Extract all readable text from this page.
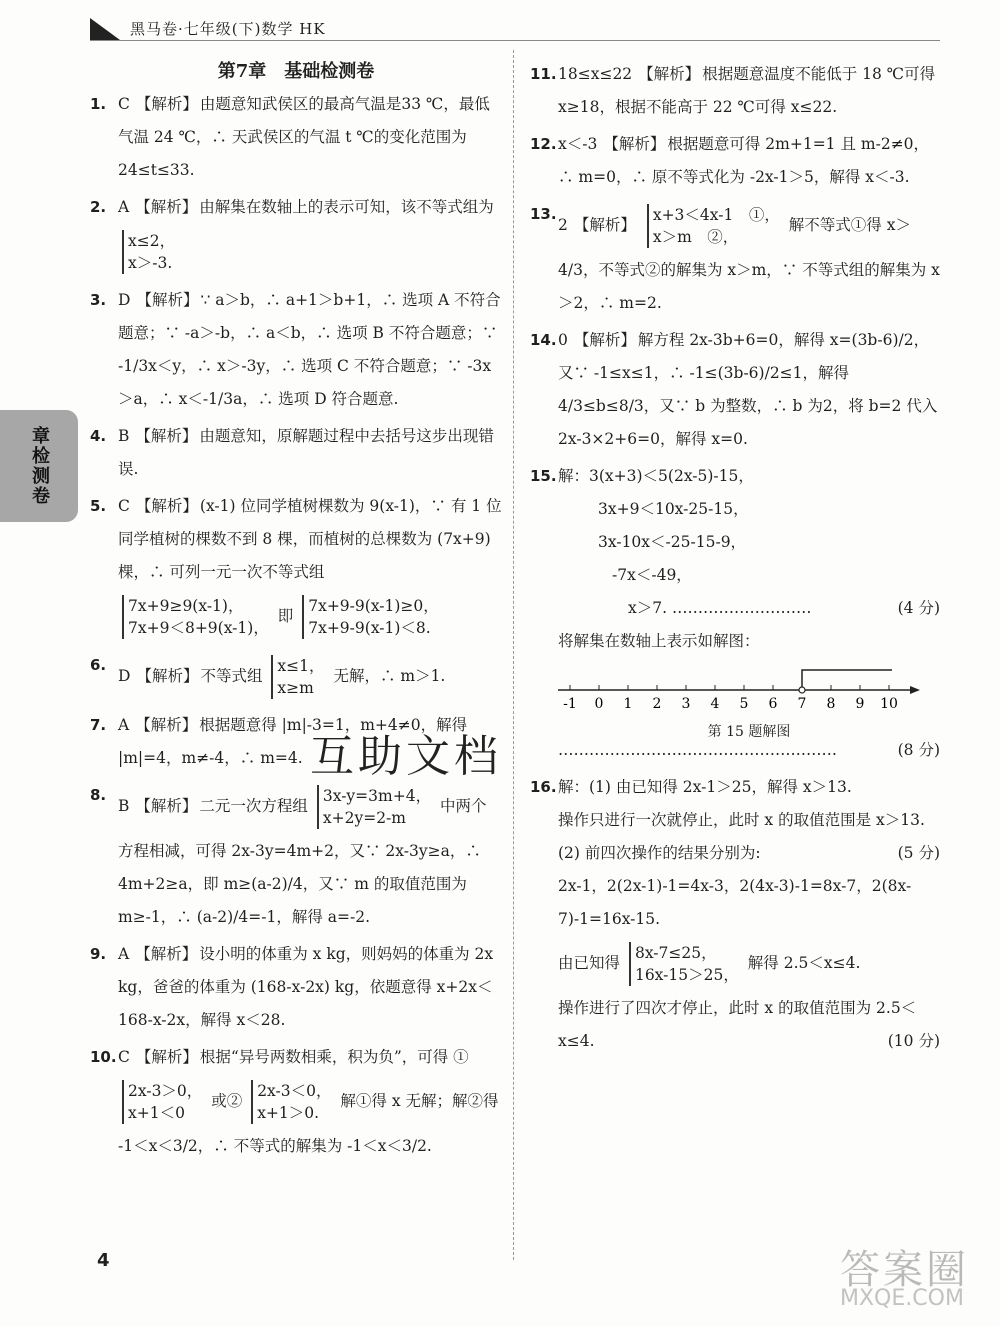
黑马卷·七年级(下)数学 HK
章检测卷
第7章　基础检测卷
1. C 【解析】 由题意知武侯区的最高气温是33 ℃，最低气温 24 ℃，∴ 天武侯区的气温 t ℃的变化范围为 24≤t≤33.
2. A 【解析】 由解集在数轴上的表示可知，该不等式组为
x≤2，
x＞-3.
3. D 【解析】 ∵ a＞b，∴ a+1＞b+1，∴ 选项 A 不符合题意；∵ -a＞-b，∴ a＜b，∴ 选项 B 不符合题意；∵ -1/3x＜y，∴ x＞-3y，∴ 选项 C 不符合题意；∵ -3x＞a，∴ x＜-1/3a，∴ 选项 D 符合题意.
4. B 【解析】 由题意知，原解题过程中去括号这步出现错误.
5. C 【解析】 (x-1) 位同学植树棵数为 9(x-1)，∵ 有 1 位同学植树的棵数不到 8 棵，而植树的总棵数为 (7x+9) 棵，∴ 可列一元一次不等式组
7x+9≥9(x-1)，
7x+9＜8+9(x-1)，
即
7x+9-9(x-1)≥0，
7x+9-9(x-1)＜8.
6.
D 【解析】 不等式组
x≤1，
x≥m
无解，∴ m＞1.
7. A 【解析】 根据题意得 |m|-3=1，m+4≠0，解得 |m|=4，m≠-4，∴ m=4.
8.
B 【解析】 二元一次方程组
3x-y=3m+4，
x+2y=2-m
中两个方程相减，可得 2x-3y=4m+2，又∵ 2x-3y≥a，∴ 4m+2≥a，即 m≥(a-2)/4，又∵ m 的取值范围为 m≥-1，∴ (a-2)/4=-1，解得 a=-2.
9. A 【解析】 设小明的体重为 x kg，则妈妈的体重为 2x kg，爸爸的体重为 (168-x-2x) kg，依题意得 x+2x＜168-x-2x，解得 x＜28.
10. C 【解析】 根据“异号两数相乘，积为负”，可得 ①
2x-3＞0，
x+1＜0
或②
2x-3＜0，
x+1＞0.
解①得 x 无解；解②得 -1＜x＜3/2，∴ 不等式的解集为 -1＜x＜3/2.
11. 18≤x≤22 【解析】 根据题意温度不能低于 18 ℃可得 x≥18，根据不能高于 22 ℃可得 x≤22.
12. x＜-3 【解析】 根据题意可得 2m+1=1 且 m-2≠0，∴ m=0，∴ 原不等式化为 -2x-1＞5，解得 x＜-3.
13.
2 【解析】
x+3＜4x-1　①，
x＞m　②，
解不等式①得 x＞4/3，不等式②的解集为 x＞m，∵ 不等式组的解集为 x＞2，∴ m=2.
14. 0 【解析】 解方程 2x-3b+6=0，解得 x=(3b-6)/2，又∵ -1≤x≤1，∴ -1≤(3b-6)/2≤1，解得 4/3≤b≤8/3，又∵ b 为整数，∴ b 为2，将 b=2 代入 2x-3×2+6=0，解得 x=0.
15. 解：3(x+3)＜5(2x-5)-15，
3x+9＜10x-25-15，
3x-10x＜-25-15-9，
-7x＜-49，
x＞7. ………………………	(4 分)
将解集在数轴上表示如解图：
-1 0 1 2 3 4 5 6 7 8 9 10
第 15 题解图
………………………………………………	(8 分)
16. 解：(1) 由已知得 2x-1＞25，解得 x＞13.
操作只进行一次就停止，此时 x 的取值范围是 x＞13.
(5 分)
(2) 前四次操作的结果分别为:
2x-1，2(2x-1)-1=4x-3，2(4x-3)-1=8x-7，2(8x-7)-1=16x-15.
由已知得
8x-7≤25，
16x-15＞25，
解得 2.5＜x≤4.
操作进行了四次才停止，此时 x 的取值范围为 2.5＜x≤4.	(10 分)
互助文档
4	答案圈
MXQE.COM
